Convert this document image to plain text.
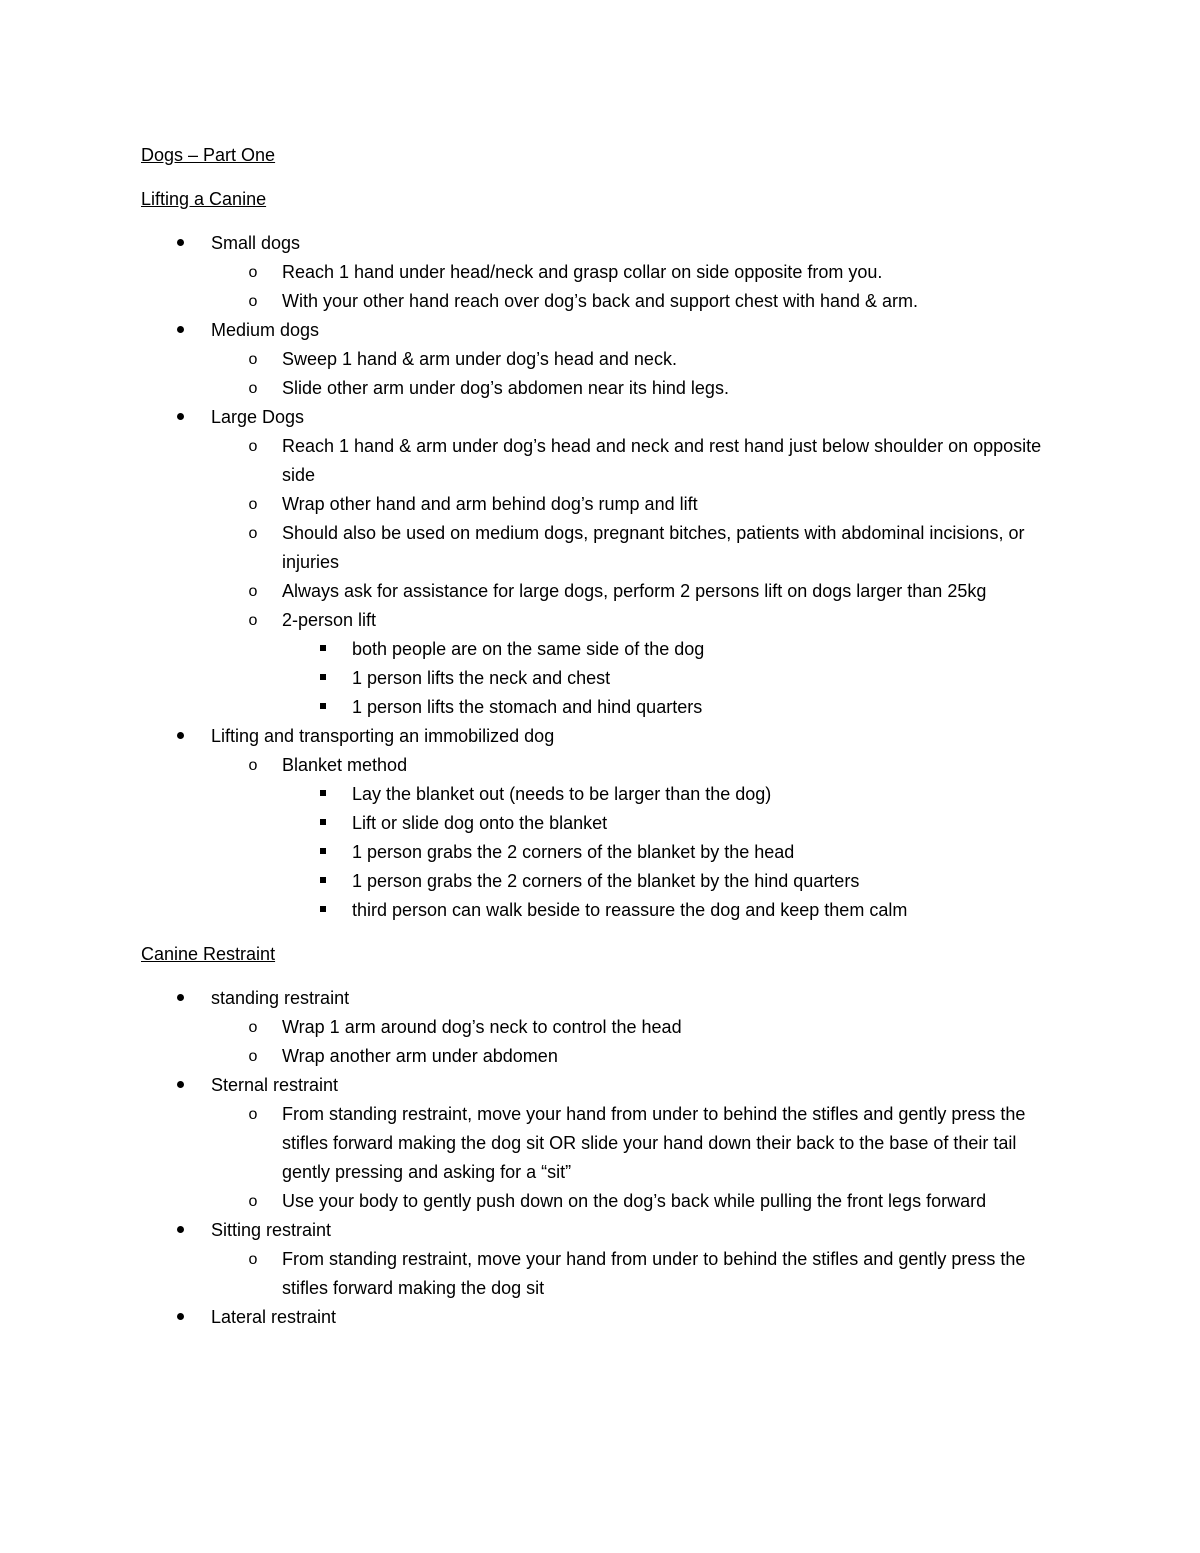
Dogs – Part One
Lifting a Canine
Small dogs
o	Reach 1 hand under head/neck and grasp collar on side opposite from you.
o	With your other hand reach over dog’s back and support chest with hand & arm.
Medium dogs
o	Sweep 1 hand & arm under dog’s head and neck.
o	Slide other arm under dog’s abdomen near its hind legs.
Large Dogs
o	Reach 1 hand & arm under dog’s head and neck and rest hand just below shoulder on opposite side
o	Wrap other hand and arm behind dog’s rump and lift
o	Should also be used on medium dogs, pregnant bitches, patients with abdominal incisions, or injuries
o	Always ask for assistance for large dogs, perform 2 persons lift on dogs larger than 25kg
o	2-person lift
both people are on the same side of the dog
1 person lifts the neck and chest
1 person lifts the stomach and hind quarters
Lifting and transporting an immobilized dog
o	Blanket method
Lay the blanket out (needs to be larger than the dog)
Lift or slide dog onto the blanket
1 person grabs the 2 corners of the blanket by the head
1 person grabs the 2 corners of the blanket by the hind quarters
third person can walk beside to reassure the dog and keep them calm
Canine Restraint
standing restraint
o	Wrap 1 arm around dog’s neck to control the head
o	Wrap another arm under abdomen
Sternal restraint
o	From standing restraint, move your hand from under to behind the stifles and gently press the stifles forward making the dog sit OR slide your hand down their back to the base of their tail gently pressing and asking for a “sit”
o	Use your body to gently push down on the dog’s back while pulling the front legs forward
Sitting restraint
o	From standing restraint, move your hand from under to behind the stifles and gently press the stifles forward making the dog sit
Lateral restraint
